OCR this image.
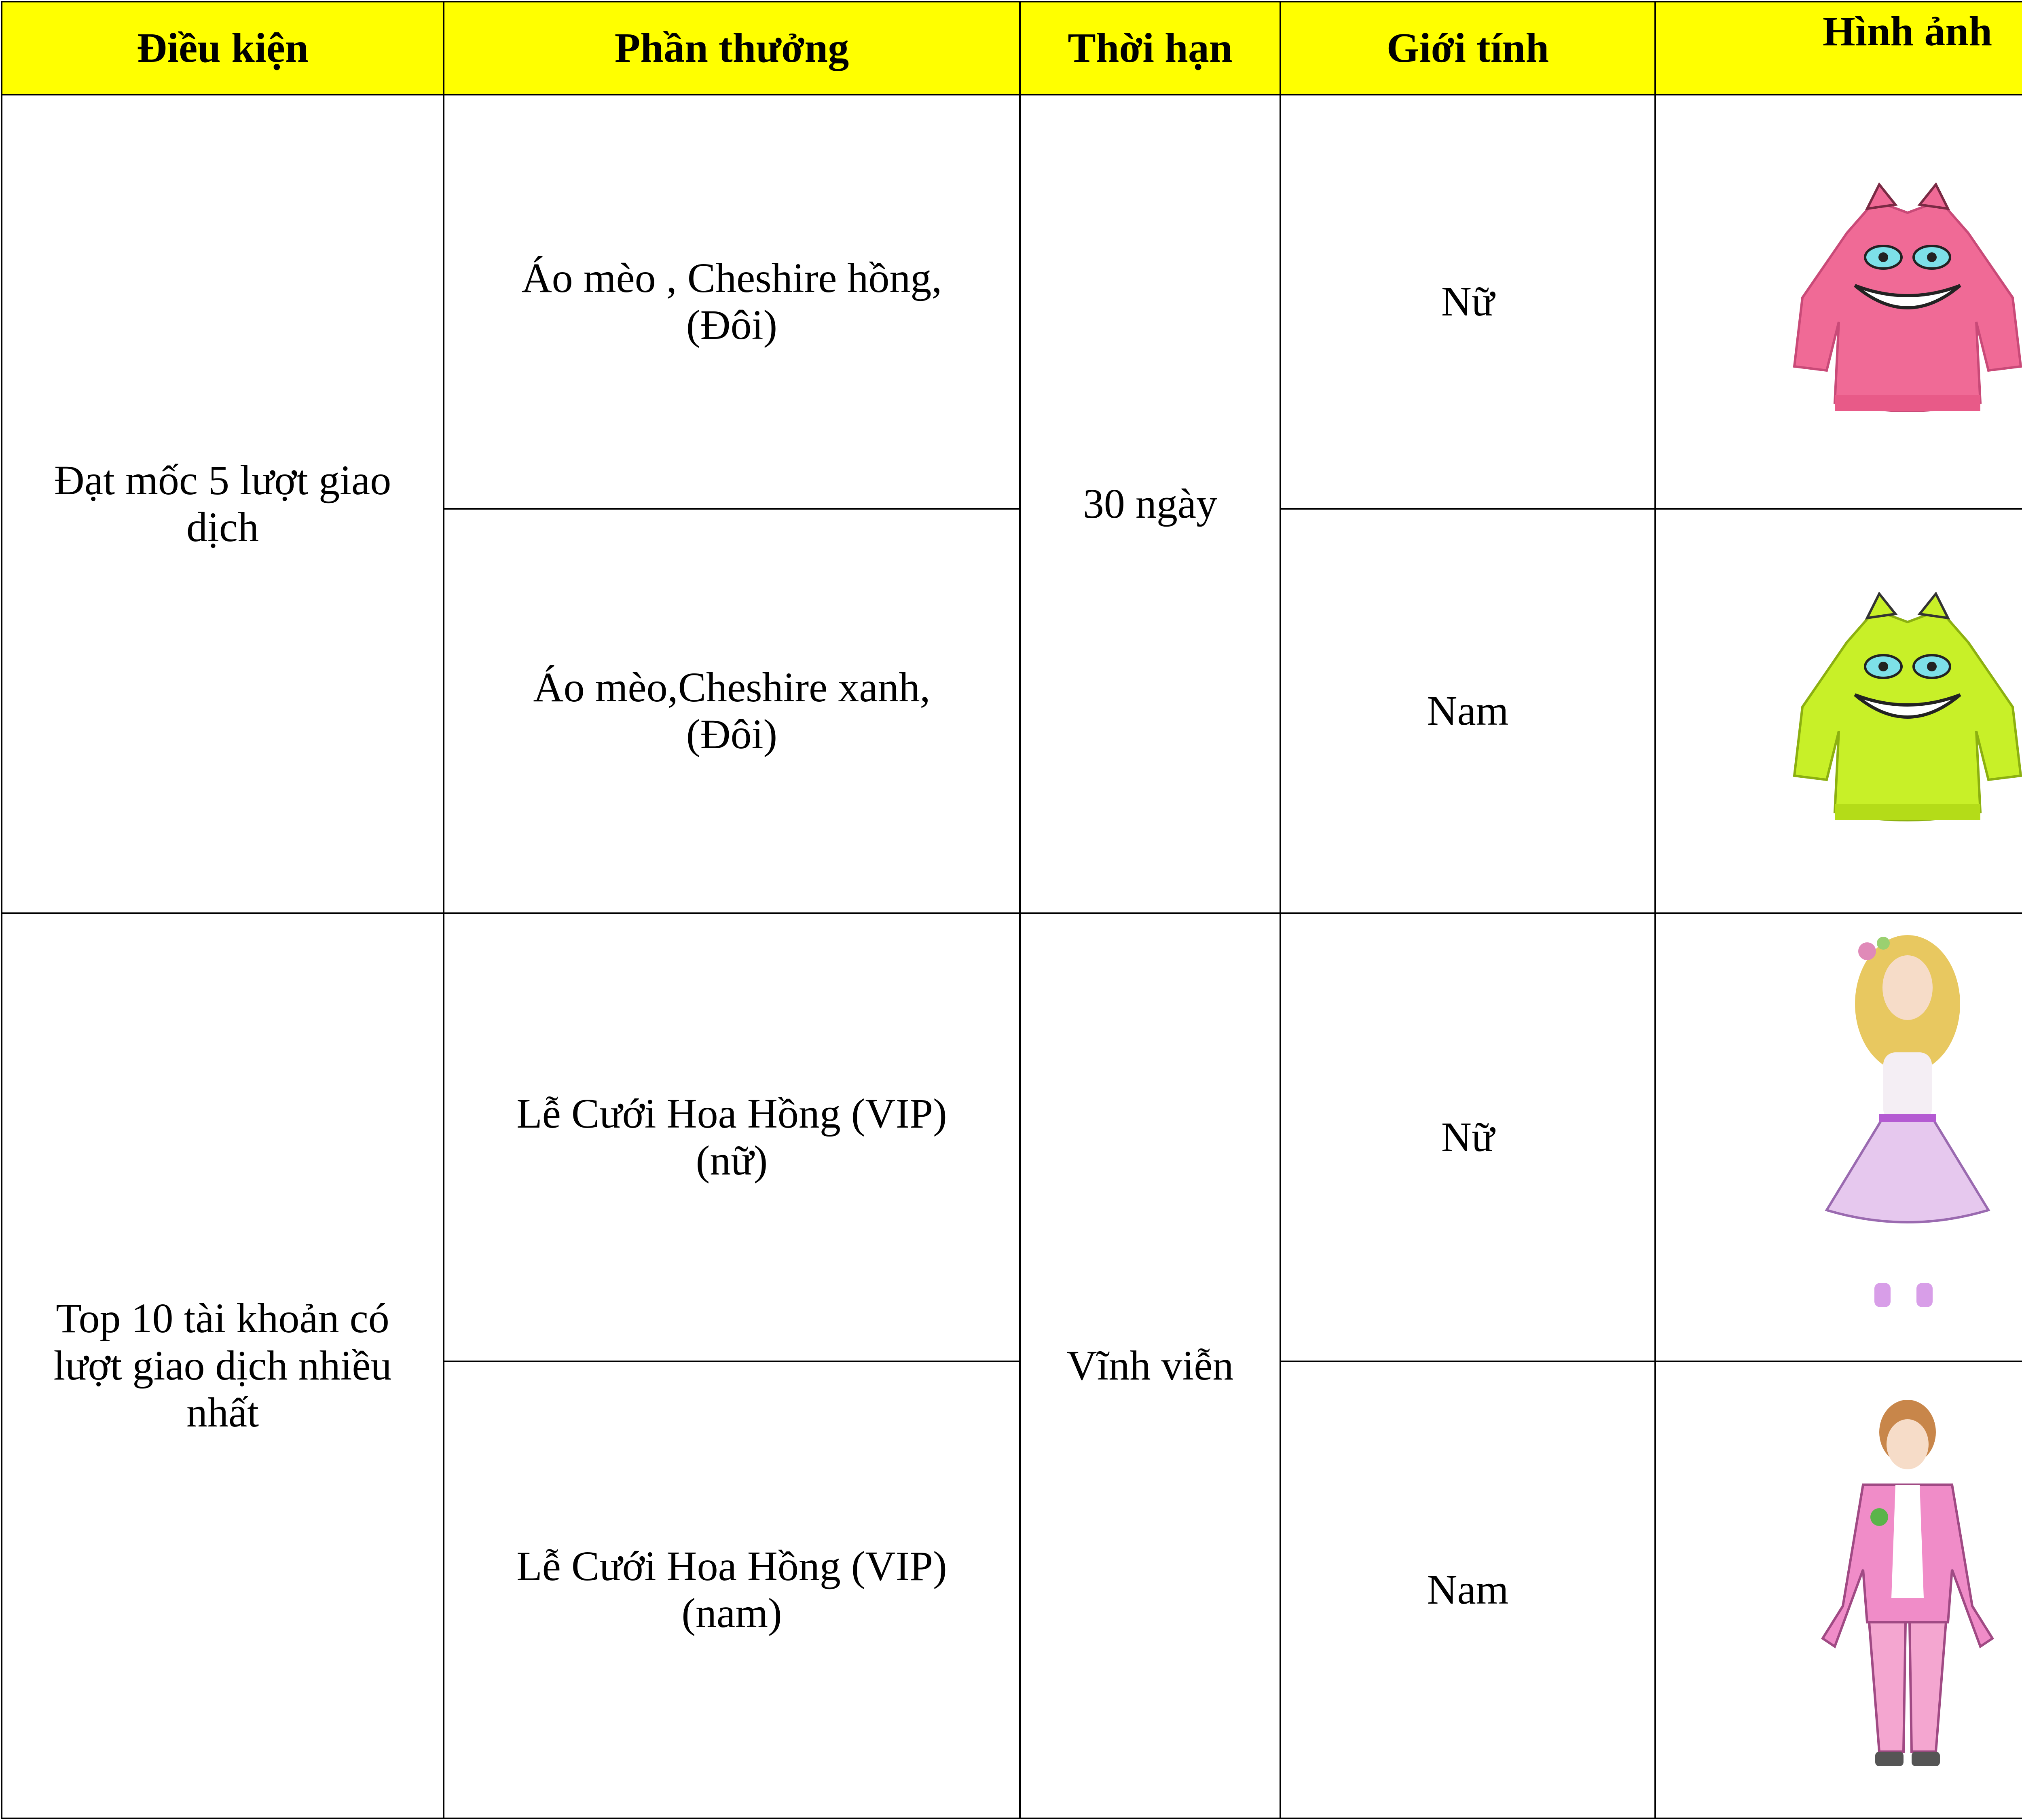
Điều kiện	Phần thưởng	Thời hạn	Giới tính	Hình ảnh
Đạt mốc 5 lượt giao dịch	Áo mèo , Cheshire hồng,(Đôi)	30 ngày	Nữ	

	Áo mèo,Cheshire xanh,(Đôi)		Nam	

Top 10 tài khoản có lượt giao dịch nhiều nhất	Lễ Cưới Hoa Hồng (VIP) (nữ)	Vĩnh viễn	Nữ	

	Lễ Cưới Hoa Hồng (VIP) (nam)		Nam	
